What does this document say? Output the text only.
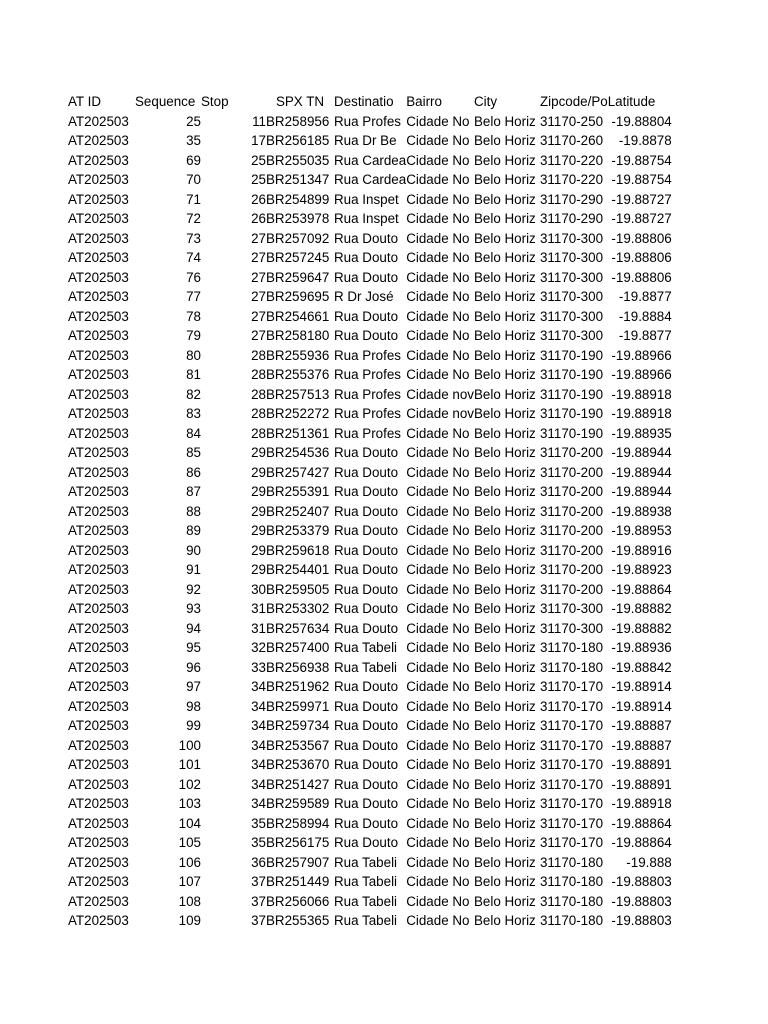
AT ID	Sequence	Stop	SPX TN	Destinatio	Bairro	City	Zipcode/Po	Latitude
AT202503	25	11	BR258956	Rua Profes	Cidade No	Belo Horiz	31170-250	-19.88804
AT202503	35	17	BR256185	Rua Dr Be	Cidade No	Belo Horiz	31170-260	-19.8878
AT202503	69	25	BR255035	Rua Cardea	Cidade No	Belo Horiz	31170-220	-19.88754
AT202503	70	25	BR251347	Rua Cardea	Cidade No	Belo Horiz	31170-220	-19.88754
AT202503	71	26	BR254899	Rua Inspet	Cidade No	Belo Horiz	31170-290	-19.88727
AT202503	72	26	BR253978	Rua Inspet	Cidade No	Belo Horiz	31170-290	-19.88727
AT202503	73	27	BR257092	Rua Douto	Cidade No	Belo Horiz	31170-300	-19.88806
AT202503	74	27	BR257245	Rua Douto	Cidade No	Belo Horiz	31170-300	-19.88806
AT202503	76	27	BR259647	Rua Douto	Cidade No	Belo Horiz	31170-300	-19.88806
AT202503	77	27	BR259695	R Dr José	Cidade No	Belo Horiz	31170-300	-19.8877
AT202503	78	27	BR254661	Rua Douto	Cidade No	Belo Horiz	31170-300	-19.8884
AT202503	79	27	BR258180	Rua Douto	Cidade No	Belo Horiz	31170-300	-19.8877
AT202503	80	28	BR255936	Rua Profes	Cidade No	Belo Horiz	31170-190	-19.88966
AT202503	81	28	BR255376	Rua Profes	Cidade No	Belo Horiz	31170-190	-19.88966
AT202503	82	28	BR257513	Rua Profes	Cidade nov	Belo Horiz	31170-190	-19.88918
AT202503	83	28	BR252272	Rua Profes	Cidade nov	Belo Horiz	31170-190	-19.88918
AT202503	84	28	BR251361	Rua Profes	Cidade No	Belo Horiz	31170-190	-19.88935
AT202503	85	29	BR254536	Rua Douto	Cidade No	Belo Horiz	31170-200	-19.88944
AT202503	86	29	BR257427	Rua Douto	Cidade No	Belo Horiz	31170-200	-19.88944
AT202503	87	29	BR255391	Rua Douto	Cidade No	Belo Horiz	31170-200	-19.88944
AT202503	88	29	BR252407	Rua Douto	Cidade No	Belo Horiz	31170-200	-19.88938
AT202503	89	29	BR253379	Rua Douto	Cidade No	Belo Horiz	31170-200	-19.88953
AT202503	90	29	BR259618	Rua Douto	Cidade No	Belo Horiz	31170-200	-19.88916
AT202503	91	29	BR254401	Rua Douto	Cidade No	Belo Horiz	31170-200	-19.88923
AT202503	92	30	BR259505	Rua Douto	Cidade No	Belo Horiz	31170-200	-19.88864
AT202503	93	31	BR253302	Rua Douto	Cidade No	Belo Horiz	31170-300	-19.88882
AT202503	94	31	BR257634	Rua Douto	Cidade No	Belo Horiz	31170-300	-19.88882
AT202503	95	32	BR257400	Rua Tabeli	Cidade No	Belo Horiz	31170-180	-19.88936
AT202503	96	33	BR256938	Rua Tabeli	Cidade No	Belo Horiz	31170-180	-19.88842
AT202503	97	34	BR251962	Rua Douto	Cidade No	Belo Horiz	31170-170	-19.88914
AT202503	98	34	BR259971	Rua Douto	Cidade No	Belo Horiz	31170-170	-19.88914
AT202503	99	34	BR259734	Rua Douto	Cidade No	Belo Horiz	31170-170	-19.88887
AT202503	100	34	BR253567	Rua Douto	Cidade No	Belo Horiz	31170-170	-19.88887
AT202503	101	34	BR253670	Rua Douto	Cidade No	Belo Horiz	31170-170	-19.88891
AT202503	102	34	BR251427	Rua Douto	Cidade No	Belo Horiz	31170-170	-19.88891
AT202503	103	34	BR259589	Rua Douto	Cidade No	Belo Horiz	31170-170	-19.88918
AT202503	104	35	BR258994	Rua Douto	Cidade No	Belo Horiz	31170-170	-19.88864
AT202503	105	35	BR256175	Rua Douto	Cidade No	Belo Horiz	31170-170	-19.88864
AT202503	106	36	BR257907	Rua Tabeli	Cidade No	Belo Horiz	31170-180	-19.888
AT202503	107	37	BR251449	Rua Tabeli	Cidade No	Belo Horiz	31170-180	-19.88803
AT202503	108	37	BR256066	Rua Tabeli	Cidade No	Belo Horiz	31170-180	-19.88803
AT202503	109	37	BR255365	Rua Tabeli	Cidade No	Belo Horiz	31170-180	-19.88803
